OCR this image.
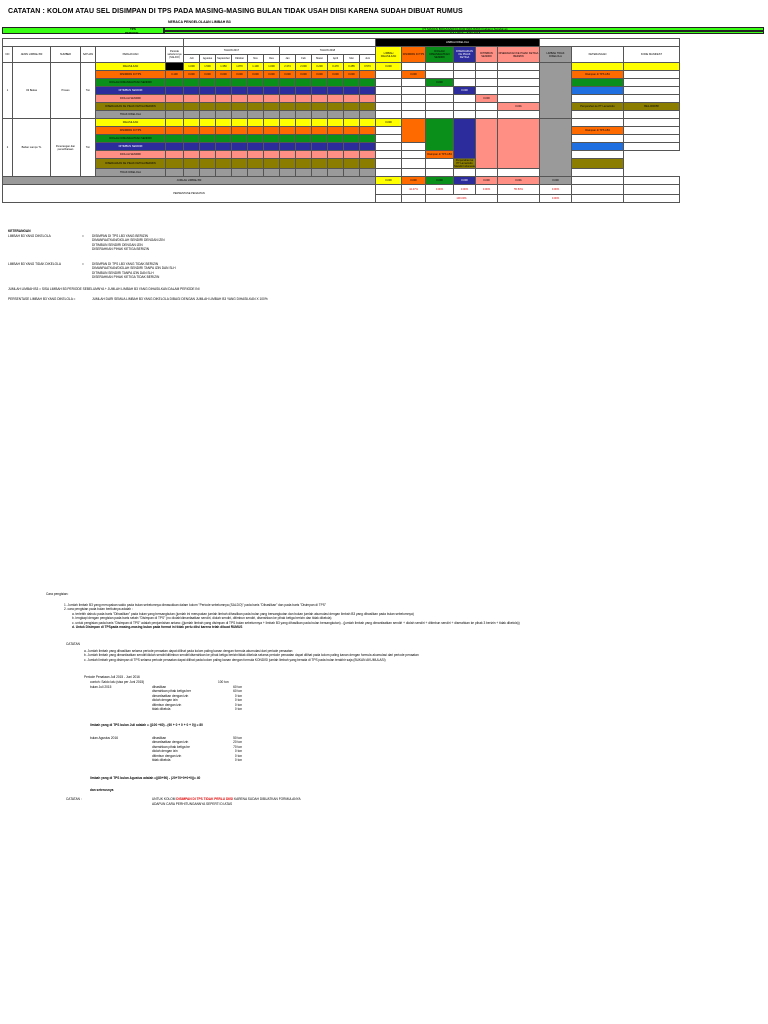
CATATAN : KOLOM ATAU SEL DISIMPAN DI TPS PADA MASING-MASING BULAN TIDAK USAH DIISI KARENA SUDAH DIBUAT RUMUS
NERACA PENGELOLAAN LIMBAH B3
PT MADAN BOGASARI FLOUR INDUSTRI (Cabang Surabaya)
JULI 2017 - JUNI 2018
TPS
PERIODE
																		LIMBAH DIKELOLA								
NO	JENIS LIMBAH B3	SUMBER	SATUAN	PERLAKUAN	Periode sebelumnya (SALDO)	TAHUN 2017						TAHUN 2018						LIMBAH DIHASILKAN	DISIMPAN DI TPS	DIOLAH/ DIMANFAATKAN SENDIRI	DISERAHKAN KE PIHAK KETIGA	DITIMBUN SENDIRI	DISERAHKAN KE PIHAK KETIGA BERIZIN	LIMBAH TIDAK DIKELOLA	KETERANGAN	KODE MANIFEST
						Juli	Agustus	September	Oktober	Nov	Des	Jan	Feb	Maret	April	Mei	Juni									
1	Oli Bekas	Proses	Ton	DIHASILKAN		1.000	1.500	1.350	1.870	1.100	1.000	2.374	2.000	0.200	0.470	0.455	0.573	0.000								
				DISIMPAN DI TPS	0.100	0.000	0.000	0.000	0.000	0.000	0.000	0.000	0.000	0.000	0.000	0.000			0.000						Disimpan di TPS LB3	
				DIOLAH/ DIMANFAATKAN SENDIRI																0.000						
				DITIMBUN SENDIRI																	0.000					
				DIOLAH SENDIRI																		0.000				
				DISERAHKAN KE PIHAK KETIGA BERIZIN																			0.001		Penyerahan ke PT Lamarindo	BE1-000058
				TIDAK DIKELOLA																						
2	Bahan Lampu TL	Penerangan dan pemeliharaan	Ton	DIHASILKAN														0.000								
				DISIMPAN DI TPS																					Disimpan di TPS LB3	
				DIOLAH/ DIMANFAATKAN SENDIRI																						
				DITIMBUN SENDIRI																						
				DIOLAH SENDIRI																Disimpan di TPS LB3						
				DISERAHKAN KE PIHAK KETIGA BERIZIN																	Penyerahan ke PT Lamarindo Mandiri Indonesia					
				TIDAK DIKELOLA																						
JUMLAH LIMBAH B3																		0.000	0.000	0.000	0.000	0.000	0.001	0.000		
PERSENTASE PENAATAN																			44.47%	0.00%	0.00%	0.00%	55.53%	0.00%		
																				100.00%				0.00%		
KETERANGAN
LIMBAH B3 YANG DIKELOLA	=	DISIMPAN DI TPS LB3 YANG BERIZIN
DIMANFAATKAN/DIOLAH SENDIRI DENGAN IZIN
DITIMBUN SENDIRI DENGAN IZIN
DISERAHKAN PIHAK KETIGA BERIZIN
LIMBAH B3 YANG TIDAK DIKELOLA	=	DISIMPAN DI TPS LB3 YANG TIDAK BERIZIN
DIMANFAATKAN/DIOLAH SENDIRI TANPA IZIN DAN SLH
DITIMBUN SENDIRI TANPA IZIN DAN SLH
DISERAHKAN PIHAK KETIGA TIDAK BERIZIN
JUMLAH LIMBAH B3 = SISA LIMBAH B3 PERIODE SEBELUMNYA + JUMLAH LIMBAH B3 YANG DIHASILKAN DALAM PERIODE INI
PERSENTASE LIMBAH B3 YANG DIKELOLA =	JUMLAH DARI SEMUA LIMBAH B3 YANG DIKELOLA DIBAGI DENGAN JUMLAH LIMBAH B3 YANG DIHASILKAN X 100%
Cara pengisian:
1. Jumlah limbah B3 yang merupakan saldo pada bulan sebelumnya dimasukkan dalam kolom "Periode sebelumnya (SALDO)" pada baris "Dihasilkan" dan pada baris "Disimpan di TPS"
2. cara pengisian pada bulan berikutnya adalah :
a. terlebih dahulu pada baris "Dihasilkan" pada bulan yang bersangkutan (jumlah ini merupakan jumlah limbah dihasilkan pada bulan yang bersangkutan dan bukan jumlah akumulasi dengan limbah B3 yang dihasilkan pada bulan sebelumnya)
b. lengkapi dengan pengisian pada baris selain "Disimpan di TPS" (no diolah/dimanfaatkan sendiri, diolah sendiri, ditimbun sendiri, diserahkan ke pihak ketiga berizin dan tidak dikelola)
c. untuk pengisian pada baris "Disimpan di TPS" adalah penjumlahan antara: ((jumlah limbah yang disimpan di TPS bulan sebelumnya + limbah B3 yang dihasilkan pada bulan bersangkutan) - (jumlah limbah yang dimanfaatkan sendiri + diolah sendiri + ditimbun sendiri + diserahkan ke pihak 3 berizin + tidak dikelola))
d. Untuk Disimpan di TPSpada masing-masing bulan pada format ini tidak perlu diisi karena telah dibuat RUMUS
CATATAN
a. Jumlah limbah yang dihasilkan selama periode penaatan dapat dilihat pada kolom paling kanan dengan formula akumulasi dari periode penaatan
b. Jumlah limbah yang dimanfaatkan sendiri/diolah sendiri/ditimbun sendiri/diserahkan ke pihak ketiga berizin/tidak dikelola selama periode penaatan dapat dilihat pada kolom paling kanan dengan formula akumulasi dari periode penaatan
c. Jumlah limbah yang disimpan di TPS selama periode penaatan dapat dilihat pada kolom paling kanan dengan formula KONDISI jumlah limbah yang berada di TPS pada bulan terakhir saja (BUKAN AKUMULASI)
Periode Penataan Juli 2015 - Juni 2016
contoh: Saldo lalu (sisa per Juni 2015)	100 ton
bulan Juli 2015	dihasilkan	60 ton
diserahkan pihak ketiga ber	60 ton
dimanfaatkan dengan izin	0 ton
diolah dengan izin	0 ton
ditimbun dengan izin	0 ton
tidak dikelola	0 ton
limbah yang di TPS bulan Juli adalah = ((100 +60) - (60 + 0 + 0 + 0 + 0)) = 80
bulan Agustus 2016	dihasilkan	50 ton
dimanfaatkan dengan izin	20 ton
diserahkan pihak ketiga be	70 ton
diolah dengan izin	0 ton
ditimbun dengan izin	0 ton
tidak dikelola	0 ton
limbah yang di TPS bulan Agustus adalah =((80+50) - (20+70+0+0+0))= 40
dan seterusnya
CATATAN :	UNTUK KOLOM DISIMPAN DI TPS TIDAK PERLU DIISI KARENA SUDAH DIBUATKAN FORMULANYA
ADAPUN CARA PERHITUNGANNYA SEPERTI DI ATAS
